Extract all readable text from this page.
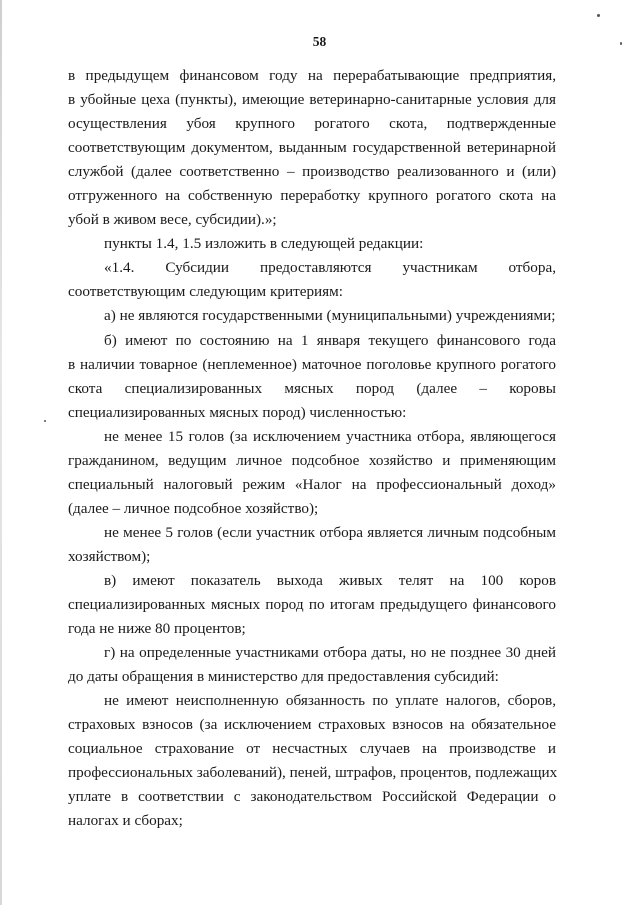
58
в предыдущем финансовом году на перерабатывающие предприятия,
в убойные цеха (пункты), имеющие ветеринарно-санитарные условия для
осуществления убоя крупного рогатого скота, подтвержденные
соответствующим документом, выданным государственной ветеринарной
службой (далее соответственно – производство реализованного и (или)
отгруженного на собственную переработку крупного рогатого скота на
убой в живом весе, субсидии).»;
пункты 1.4, 1.5 изложить в следующей редакции:
«1.4. Субсидии предоставляются участникам отбора,
соответствующим следующим критериям:
а) не являются государственными (муниципальными) учреждениями;
б) имеют по состоянию на 1 января текущего финансового года
в наличии товарное (неплеменное) маточное поголовье крупного рогатого
скота специализированных мясных пород (далее – коровы
специализированных мясных пород) численностью:
не менее 15 голов (за исключением участника отбора, являющегося
гражданином, ведущим личное подсобное хозяйство и применяющим
специальный налоговый режим «Налог на профессиональный доход»
(далее – личное подсобное хозяйство);
не менее 5 голов (если участник отбора является личным подсобным
хозяйством);
в) имеют показатель выхода живых телят на 100 коров
специализированных мясных пород по итогам предыдущего финансового
года не ниже 80 процентов;
г) на определенные участниками отбора даты, но не позднее 30 дней
до даты обращения в министерство для предоставления субсидий:
не имеют неисполненную обязанность по уплате налогов, сборов,
страховых взносов (за исключением страховых взносов на обязательное
социальное страхование от несчастных случаев на производстве и
профессиональных заболеваний), пеней, штрафов, процентов, подлежащих
уплате в соответствии с законодательством Российской Федерации о
налогах и сборах;
